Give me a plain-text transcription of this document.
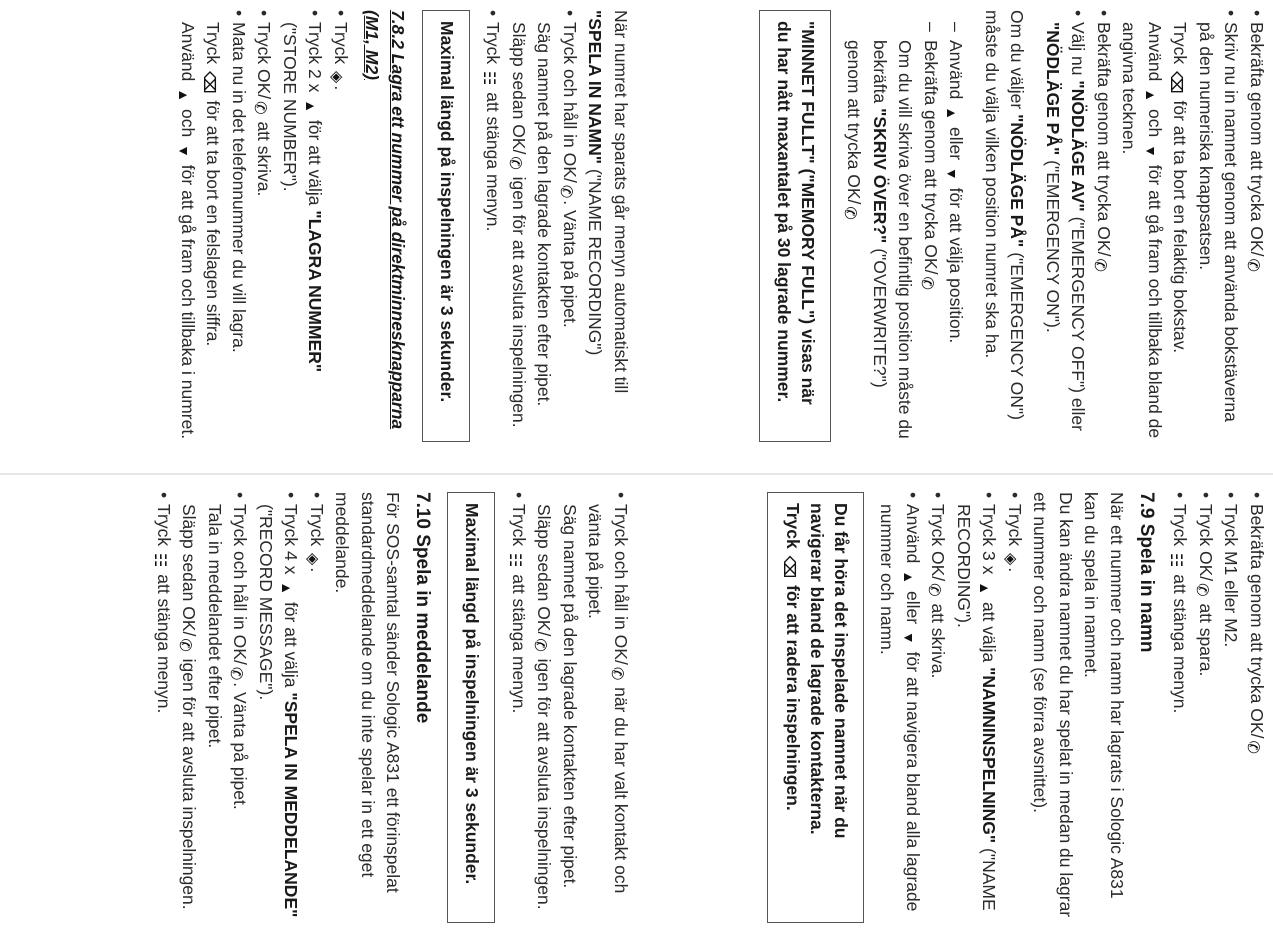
•
Bekräfta genom att trycka OK/✆
•
Skriv nu in namnet genom att använda bokstäverna på den numeriska knappsatsen.
Tryck ⌫ för att ta bort en felaktig bokstav.
Använd ▲ och ▼ för att gå fram och tillbaka bland de angivna tecknen.
•
Bekräfta genom att trycka OK/✆
•
Välj nu "NÖDLÄGE AV" ("EMERGENCY OFF") eller "NÖDLÄGE PÅ" ("EMERGENCY ON").

Om du väljer "NÖDLÄGE PÅ" ("EMERGENCY ON") måste du välja vilken position numret ska ha.

–
Använd ▲ eller ▼ för att välja position.
–
Bekräfta genom att trycka OK/✆

Om du vill skriva över en befintlig position måste du bekräfta "SKRIV ÖVER?" ("OVERWRITE?") genom att trycka OK/✆

"MINNET FULLT" ("MEMORY FULL") visas när du har nått maxantalet på 30 lagrade nummer.

När numret har sparats går menyn automatiskt till "SPELA IN NAMN" ("NAME RECORDING")

•
Tryck och håll in OK/✆. Vänta på pipet.
Säg namnet på den lagrade kontakten efter pipet.
Släpp sedan OK/✆ igen för att avsluta inspelningen.
•
Tryck ☷ att stänga menyn.
Maximal längd på inspelningen är 3 sekunder.
7.8.2 Lagra ett nummer på direktminnesknapparna (M1, M2)
•
Tryck ◈.
•
Tryck 2 x ▲ för att välja "LAGRA NUMMER" ("STORE NUMBER").
•
Tryck OK/✆ att skriva.
•
Mata nu in det telefonnummer du vill lagra.
Tryck ⌫ för att ta bort en felslagen siffra.
Använd ▲ och ▼ för att gå fram och tillbaka i numret.
•
Bekräfta genom att trycka OK/✆
•
Tryck M1 eller M2.
•
Tryck OK/✆ att spara.
•
Tryck ☷ att stänga menyn.
7.9 Spela in namn

När ett nummer och namn har lagrats i Sologic A831 kan du spela in namnet.

Du kan ändra namnet du har spelat in medan du lagrar ett nummer och namn (se förra avsnittet).

•
Tryck ◈.
•
Tryck 3 x ▲ att välja "NAMNINSPELNING" ("NAME RECORDING").
•
Tryck OK/✆ att skriva.
•
Använd ▲ eller ▼ för att navigera bland alla lagrade nummer och namn.
Du får höra det inspelade namnet när du navigerar bland de lagrade kontakterna.
Tryck ⌫ för att radera inspelningen.
•
Tryck och håll in OK/✆ när du har valt kontakt och vänta på pipet.
Säg namnet på den lagrade kontakten efter pipet.
Släpp sedan OK/✆ igen för att avsluta inspelningen.
•
Tryck ☷ att stänga menyn.
Maximal längd på inspelningen är 3 sekunder.
7.10 Spela in meddelande

För SOS-samtal sänder Sologic A831 ett förinspelat standardmeddelande om du inte spelar in ett eget meddelande.

•
Tryck ◈.
•
Tryck 4 x ▲ för att välja "SPELA IN MEDDELANDE" ("RECORD MESSAGE").
•
Tryck och håll in OK/✆. Vänta på pipet.
Tala in meddelandet efter pipet.
Släpp sedan OK/✆ igen för att avsluta inspelningen.
•
Tryck ☷ att stänga menyn.
